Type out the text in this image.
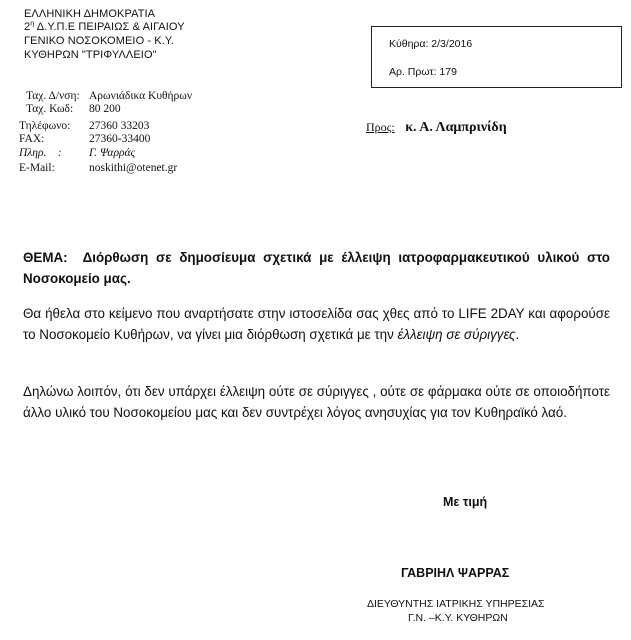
ΕΛΛΗΝΙΚΗ ΔΗΜΟΚΡΑΤΙΑ
$2^\eta$ Δ.Υ.Π.Ε ΠΕΙΡΑΙΩΣ & ΑΙΓΑΙΟΥ
ΓΕΝΙΚΟ ΝΟΣΟΚΟΜΕΙΟ - Κ.Υ.
ΚΥΘΗΡΩΝ "ΤΡΙΦΥΛΛΕΙΟ"
Ταχ. Δ/νση: Αρωνιάδικα Κυθήρων
Ταχ. Κωδ: 80 200
Τηλέφωνο: 27360 33203
FAX:	27360-33400
Πληρ.    : Γ. Ψαρράς
E-Mail:	noskithi@otenet.gr
Κύθηρα: 2/3/2016
Αρ. Πρωτ: 179
Προς: κ. Α. Λαμπρινίδη
ΘΕΜΑ: Διόρθωση σε δημοσίευμα σχετικά με έλλειψη ιατροφαρμακευτικού υλικού στο Νοσοκομείο μας.
Θα ήθελα στο κείμενο που αναρτήσατε στην ιστοσελίδα σας χθες από το LIFE 2DAY και αφορούσε το Νοσοκομείο Κυθήρων, να γίνει μια διόρθωση σχετικά με την έλλειψη σε σύριγγες.
Δηλώνω λοιπόν, ότι δεν υπάρχει έλλειψη ούτε σε σύριγγες , ούτε σε φάρμακα ούτε σε οποιοδήποτε άλλο υλικό του Νοσοκομείου μας και δεν συντρέχει λόγος ανησυχίας για τον Κυθηραϊκό λαό.
Με τιμή
ΓΑΒΡΙΗΛ ΨΑΡΡΑΣ
ΔΙΕΥΘΥΝΤΗΣ ΙΑΤΡΙΚΗΣ ΥΠΗΡΕΣΙΑΣ
Γ.Ν. –Κ.Υ. ΚΥΘΗΡΩΝ
